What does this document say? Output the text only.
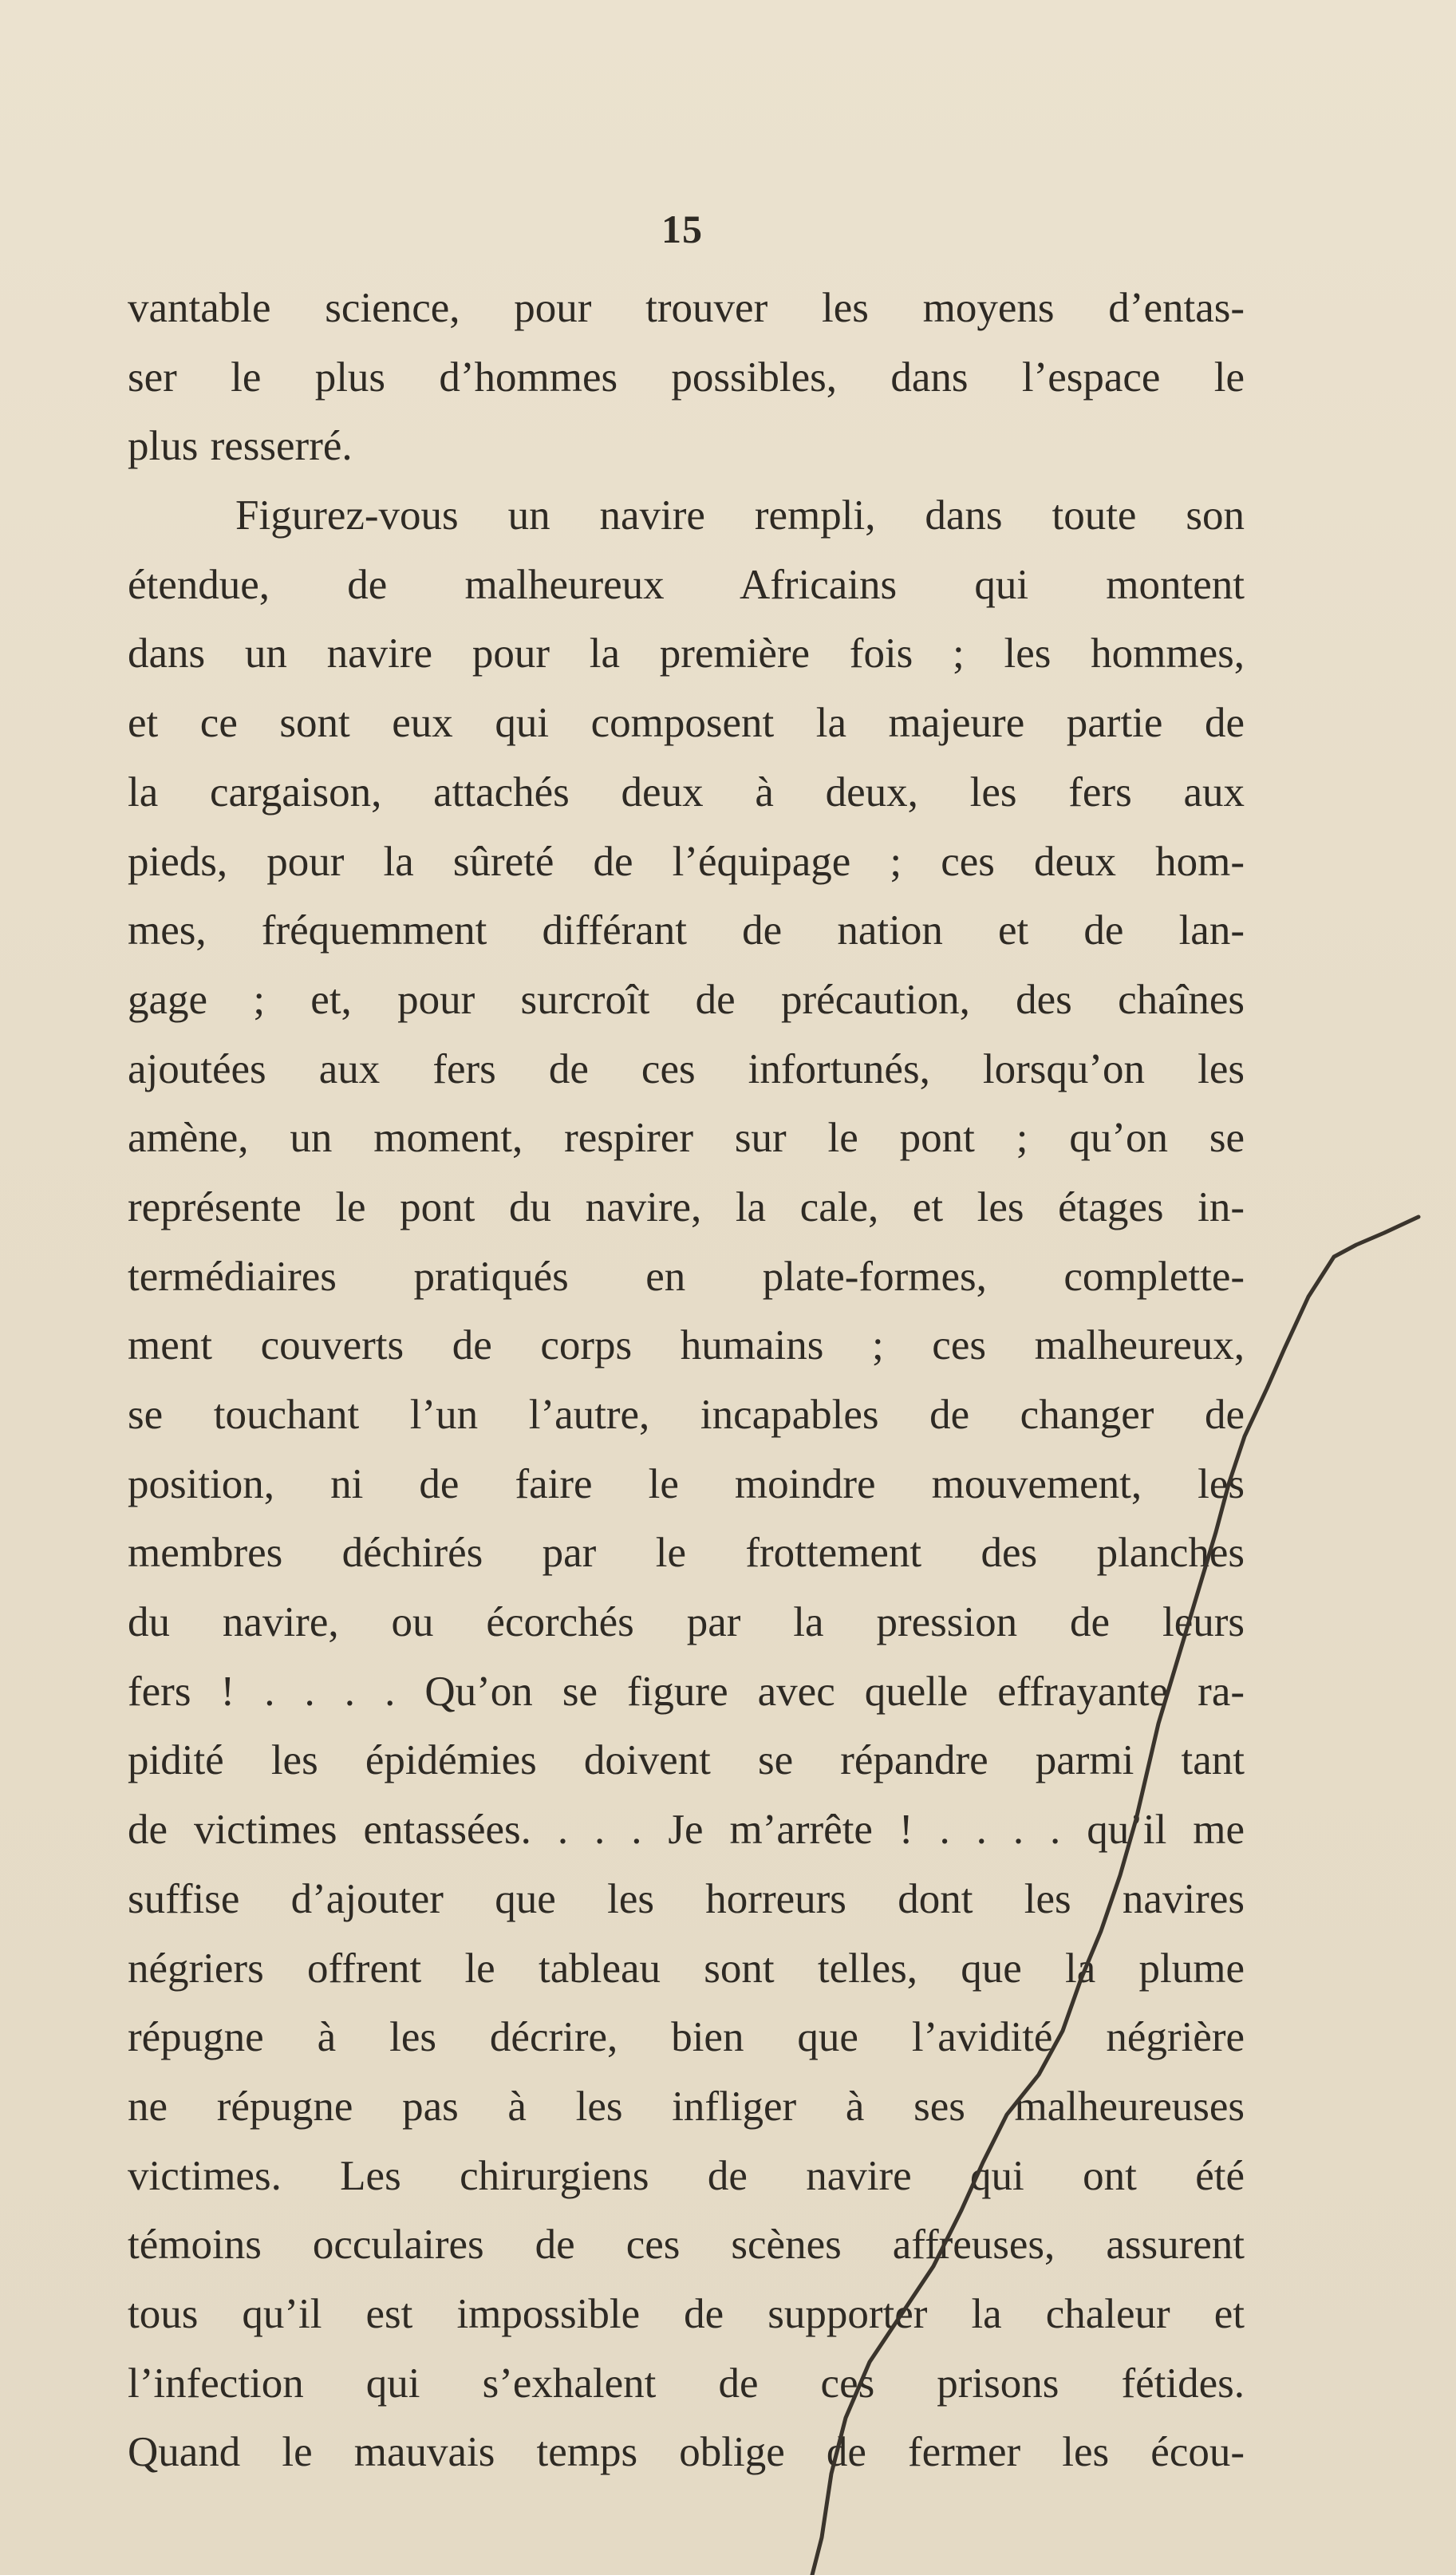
15
vantable science, pour trouver les moyens d’entas-
ser le plus d’hommes possibles, dans l’espace le
plus resserré.
Figurez-vous un navire rempli, dans toute son
étendue, de malheureux Africains qui montent
dans un navire pour la première fois ; les hommes,
et ce sont eux qui composent la majeure partie de
la cargaison, attachés deux à deux, les fers aux
pieds, pour la sûreté de l’équipage ; ces deux hom-
mes, fréquemment différant de nation et de lan-
gage ; et, pour surcroît de précaution, des chaînes
ajoutées aux fers de ces infortunés, lorsqu’on les
amène, un moment, respirer sur le pont ; qu’on se
représente le pont du navire, la cale, et les étages in-
termédiaires pratiqués en plate-formes, complette-
ment couverts de corps humains ; ces malheureux,
se touchant l’un l’autre, incapables de changer de
position, ni de faire le moindre mouvement, les
membres déchirés par le frottement des planches
du navire, ou écorchés par la pression de leurs
fers ! . . . . Qu’on se figure avec quelle effrayante ra-
pidité les épidémies doivent se répandre parmi tant
de victimes entassées. . . . Je m’arrête ! . . . . qu’il me
suffise d’ajouter que les horreurs dont les navires
négriers offrent le tableau sont telles, que la plume
répugne à les décrire, bien que l’avidité négrière
ne répugne pas à les infliger à ses malheureuses
victimes. Les chirurgiens de navire qui ont été
témoins occulaires de ces scènes affreuses, assurent
tous qu’il est impossible de supporter la chaleur et
l’infection qui s’exhalent de ces prisons fétides.
Quand le mauvais temps oblige de fermer les écou-
